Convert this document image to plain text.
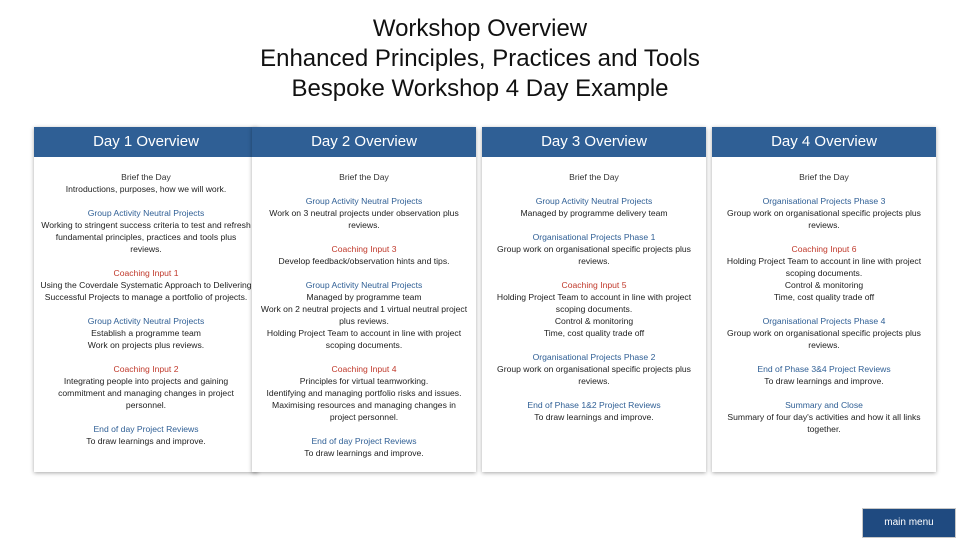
Workshop Overview
Enhanced Principles, Practices and Tools
Bespoke Workshop 4 Day Example
Day 1 Overview
Brief the Day
Introductions, purposes, how we will work.
Group Activity Neutral Projects
Working to stringent success criteria to test and refresh fundamental principles, practices and tools plus reviews.
Coaching Input 1
Using the Coverdale Systematic Approach to Delivering Successful Projects to manage a portfolio of projects.
Group Activity Neutral Projects
Establish a programme team
Work on projects plus reviews.
Coaching Input 2
Integrating people into projects and gaining commitment and managing changes in project personnel.
End of day Project Reviews
To draw learnings and improve.
Day 2 Overview
Brief the Day
Group Activity Neutral Projects
Work on 3 neutral projects under observation plus reviews.
Coaching Input 3
Develop feedback/observation hints and tips.
Group Activity Neutral Projects
Managed by programme team
Work on 2 neutral projects and 1 virtual neutral project plus reviews.
Holding Project Team to account in line with project scoping documents.
Coaching Input 4
Principles for virtual teamworking.
Identifying and managing portfolio risks and issues. Maximising resources and managing changes in project personnel.
End of day Project Reviews
To draw learnings and improve.
Day 3 Overview
Brief the Day
Group Activity Neutral Projects
Managed by programme delivery team
Organisational Projects Phase 1
Group work on organisational specific projects plus reviews.
Coaching Input 5
Holding Project Team to account in line with project scoping documents.
Control & monitoring
Time, cost quality trade off
Organisational Projects Phase 2
Group work on organisational specific projects plus reviews.
End of Phase 1&2 Project Reviews
To draw learnings and improve.
Day 4 Overview
Brief the Day
Organisational Projects Phase 3
Group work on organisational specific projects plus reviews.
Coaching Input 6
Holding Project Team to account in line with project scoping documents.
Control & monitoring
Time, cost quality trade off
Organisational Projects Phase 4
Group work on organisational specific projects plus reviews.
End of Phase 3&4 Project Reviews
To draw learnings and improve.
Summary and Close
Summary of four day's activities and how it all links together.
main menu
